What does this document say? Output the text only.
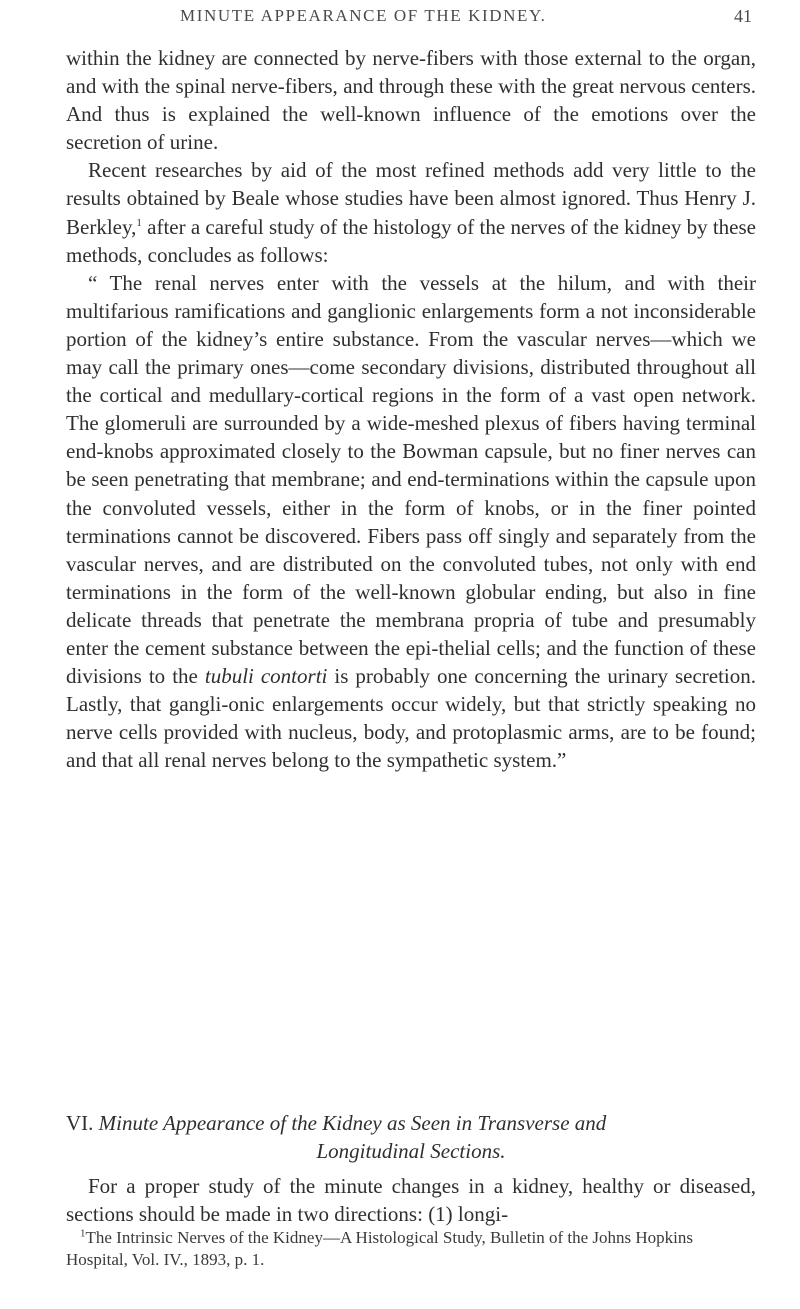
MINUTE APPEARANCE OF THE KIDNEY.	41

within the kidney are connected by nerve-fibers with those external to the organ, and with the spinal nerve-fibers, and through these with the great nervous centers. And thus is explained the well-known influence of the emotions over the secretion of urine.

Recent researches by aid of the most refined methods add very little to the results obtained by Beale whose studies have been almost ignored. Thus Henry J. Berkley,$^1$ after a careful study of the histology of the nerves of the kidney by these methods, concludes as follows:

“ The renal nerves enter with the vessels at the hilum, and with their multifarious ramifications and ganglionic enlargements form a not inconsiderable portion of the kidney’s entire substance. From the vascular nerves—which we may call the primary ones—come secondary divisions, distributed throughout all the cortical and medullary-cortical regions in the form of a vast open network. The glomeruli are surrounded by a wide-meshed plexus of fibers having terminal end-knobs approximated closely to the Bowman capsule, but no finer nerves can be seen penetrating that membrane; and end-terminations within the capsule upon the convoluted vessels, either in the form of knobs, or in the finer pointed terminations cannot be discovered. Fibers pass off singly and separately from the vascular nerves, and are distributed on the convoluted tubes, not only with end terminations in the form of the well-known globular ending, but also in fine delicate threads that penetrate the membrana propria of tube and presumably enter the cement substance between the epi-thelial cells; and the function of these divisions to the tubuli contorti is probably one concerning the urinary secretion. Lastly, that gangli-onic enlargements occur widely, but that strictly speaking no nerve cells provided with nucleus, body, and protoplasmic arms, are to be found; and that all renal nerves belong to the sympathetic system.”

VI. Minute Appearance of the Kidney as Seen in Transverse and
Longitudinal Sections.

For a proper study of the minute changes in a kidney, healthy or diseased, sections should be made in two directions: (1) longi-

$^1$The Intrinsic Nerves of the Kidney—A Histological Study, Bulletin of the Johns Hopkins Hospital, Vol. IV., 1893, p. 1.
